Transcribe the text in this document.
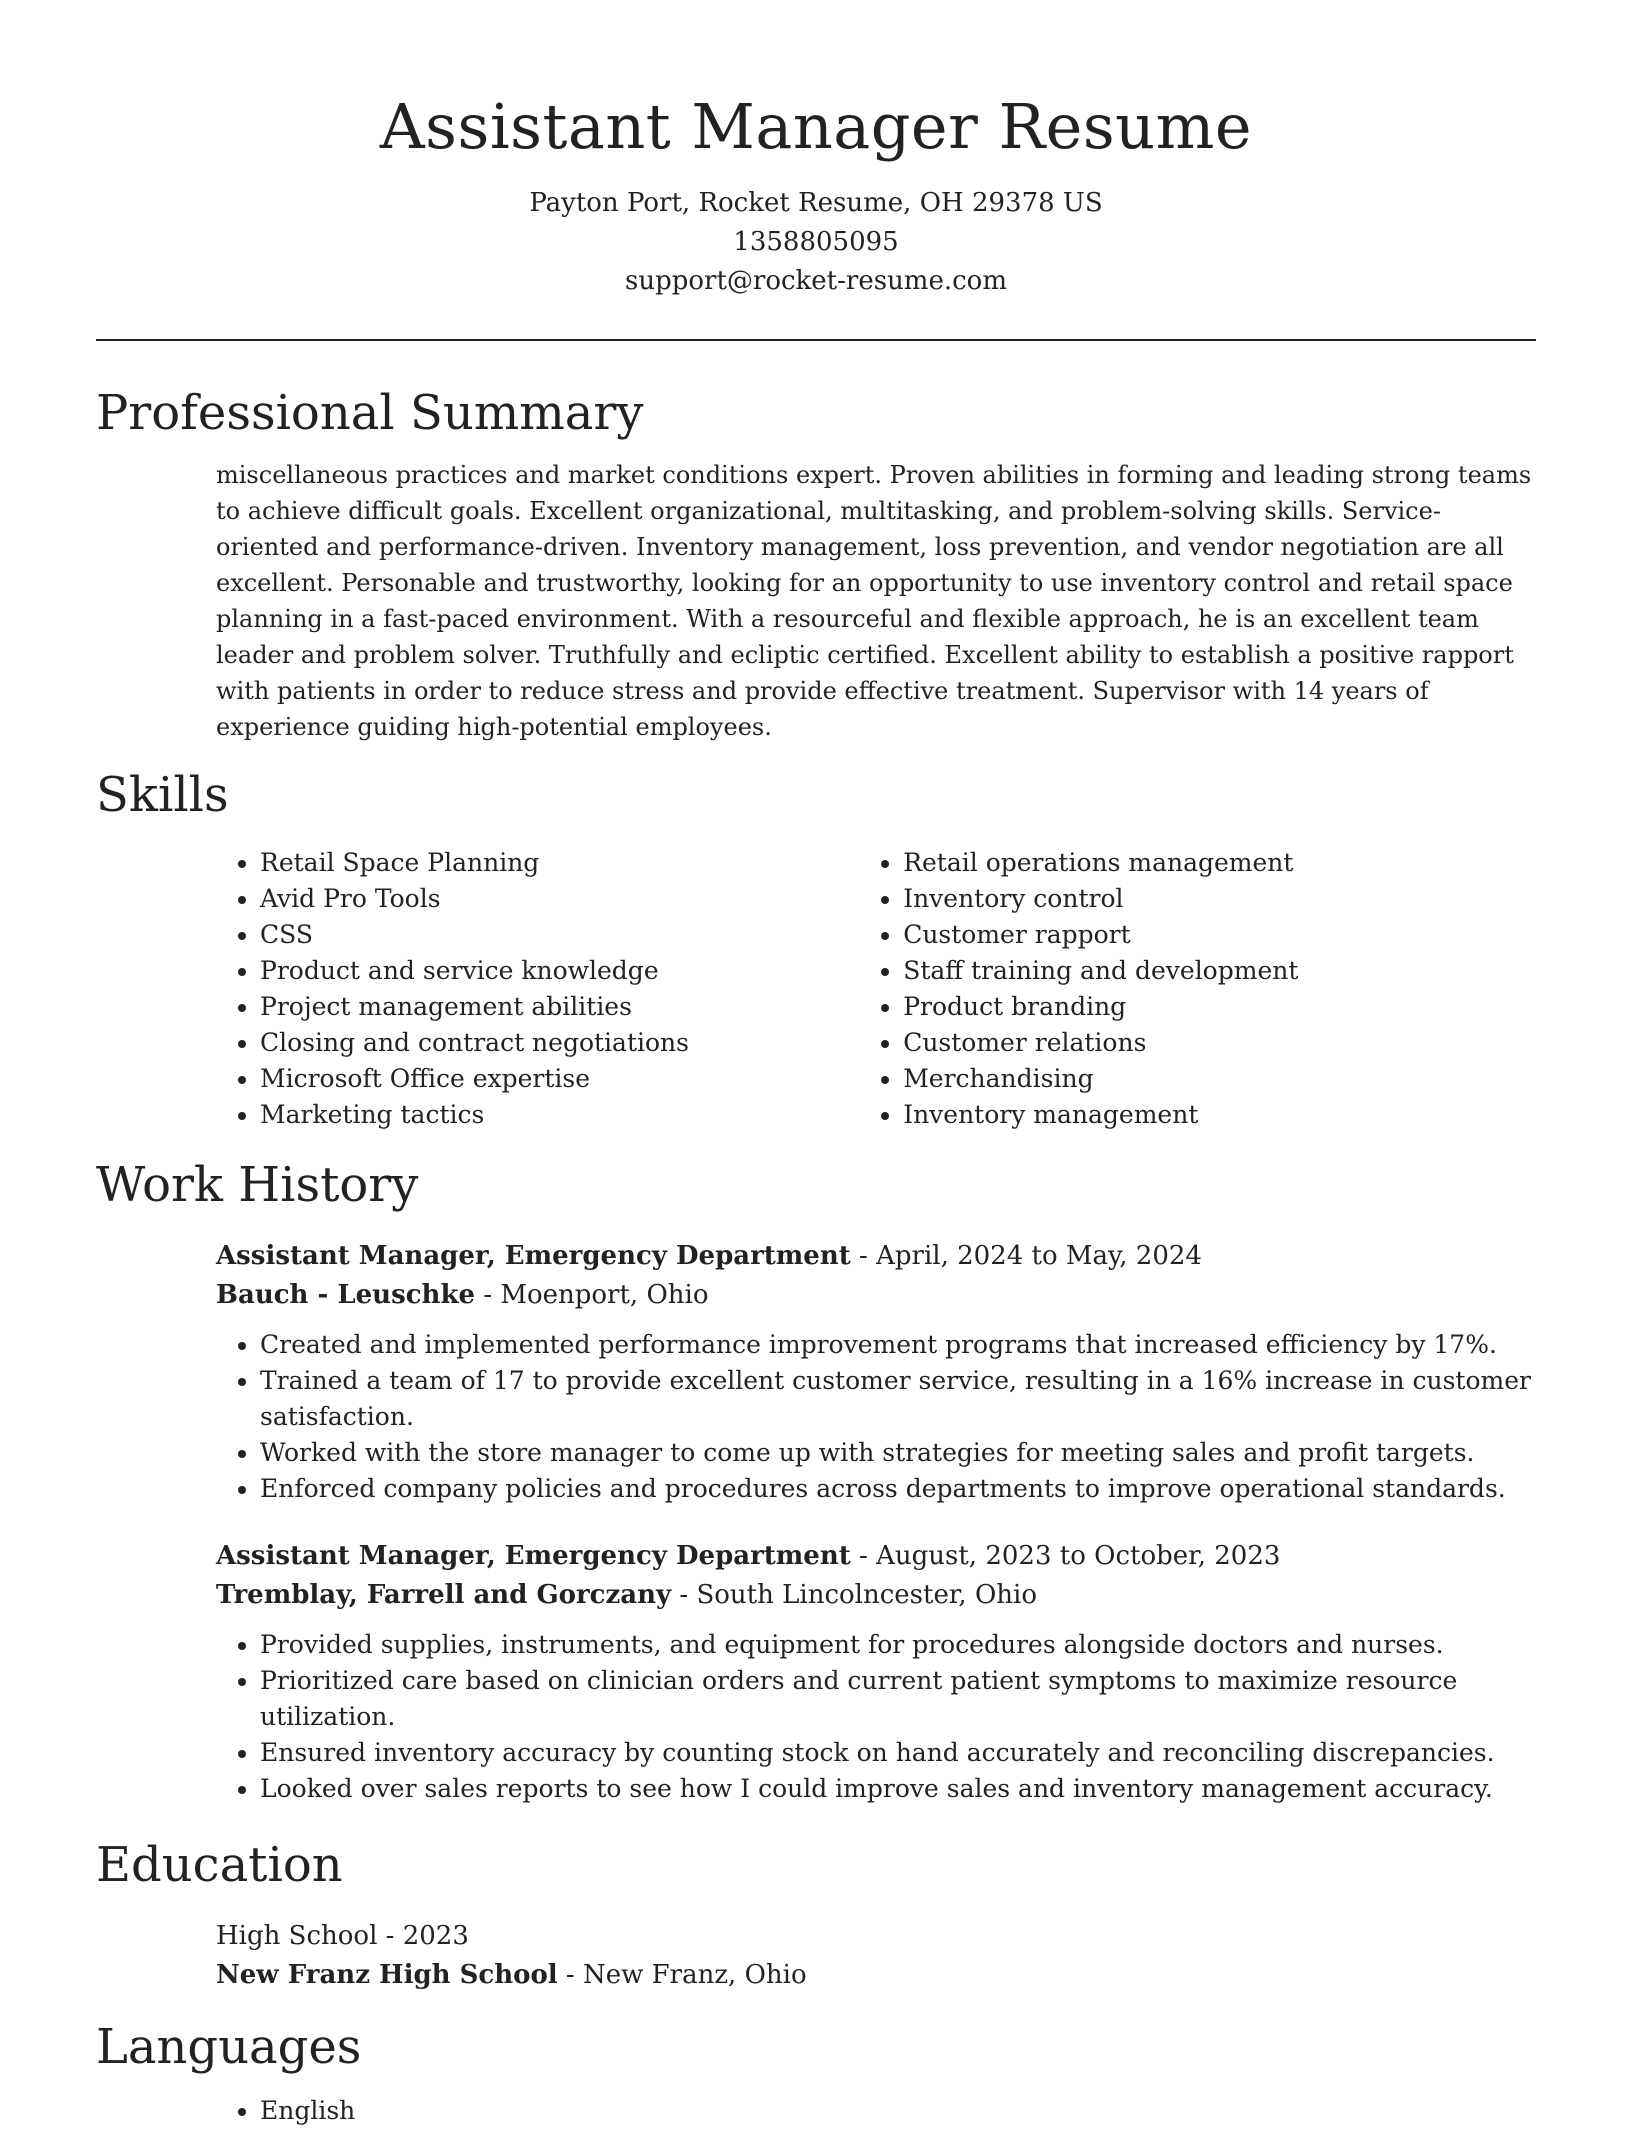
Assistant Manager Resume
Payton Port, Rocket Resume, OH 29378 US
1358805095
support@rocket-resume.com
Professional Summary
miscellaneous practices and market conditions expert. Proven abilities in forming and leading strong teams to achieve difficult goals. Excellent organizational, multitasking, and problem-solving skills. Service-oriented and performance-driven. Inventory management, loss prevention, and vendor negotiation are all excellent. Personable and trustworthy, looking for an opportunity to use inventory control and retail space planning in a fast-paced environment. With a resourceful and flexible approach, he is an excellent team leader and problem solver. Truthfully and ecliptic certified. Excellent ability to establish a positive rapport with patients in order to reduce stress and provide effective treatment. Supervisor with 14 years of experience guiding high-potential employees.
Skills
• Retail Space Planning
• Avid Pro Tools
• CSS
• Product and service knowledge
• Project management abilities
• Closing and contract negotiations
• Microsoft Office expertise
• Marketing tactics
• Retail operations management
• Inventory control
• Customer rapport
• Staff training and development
• Product branding
• Customer relations
• Merchandising
• Inventory management
Work History
Assistant Manager, Emergency Department - April, 2024 to May, 2024
Bauch - Leuschke - Moenport, Ohio
• Created and implemented performance improvement programs that increased efficiency by 17%.
• Trained a team of 17 to provide excellent customer service, resulting in a 16% increase in customer satisfaction.
• Worked with the store manager to come up with strategies for meeting sales and profit targets.
• Enforced company policies and procedures across departments to improve operational standards.
Assistant Manager, Emergency Department - August, 2023 to October, 2023
Tremblay, Farrell and Gorczany - South Lincolncester, Ohio
• Provided supplies, instruments, and equipment for procedures alongside doctors and nurses.
• Prioritized care based on clinician orders and current patient symptoms to maximize resource utilization.
• Ensured inventory accuracy by counting stock on hand accurately and reconciling discrepancies.
• Looked over sales reports to see how I could improve sales and inventory management accuracy.
Education
High School - 2023
New Franz High School - New Franz, Ohio
Languages
• English
